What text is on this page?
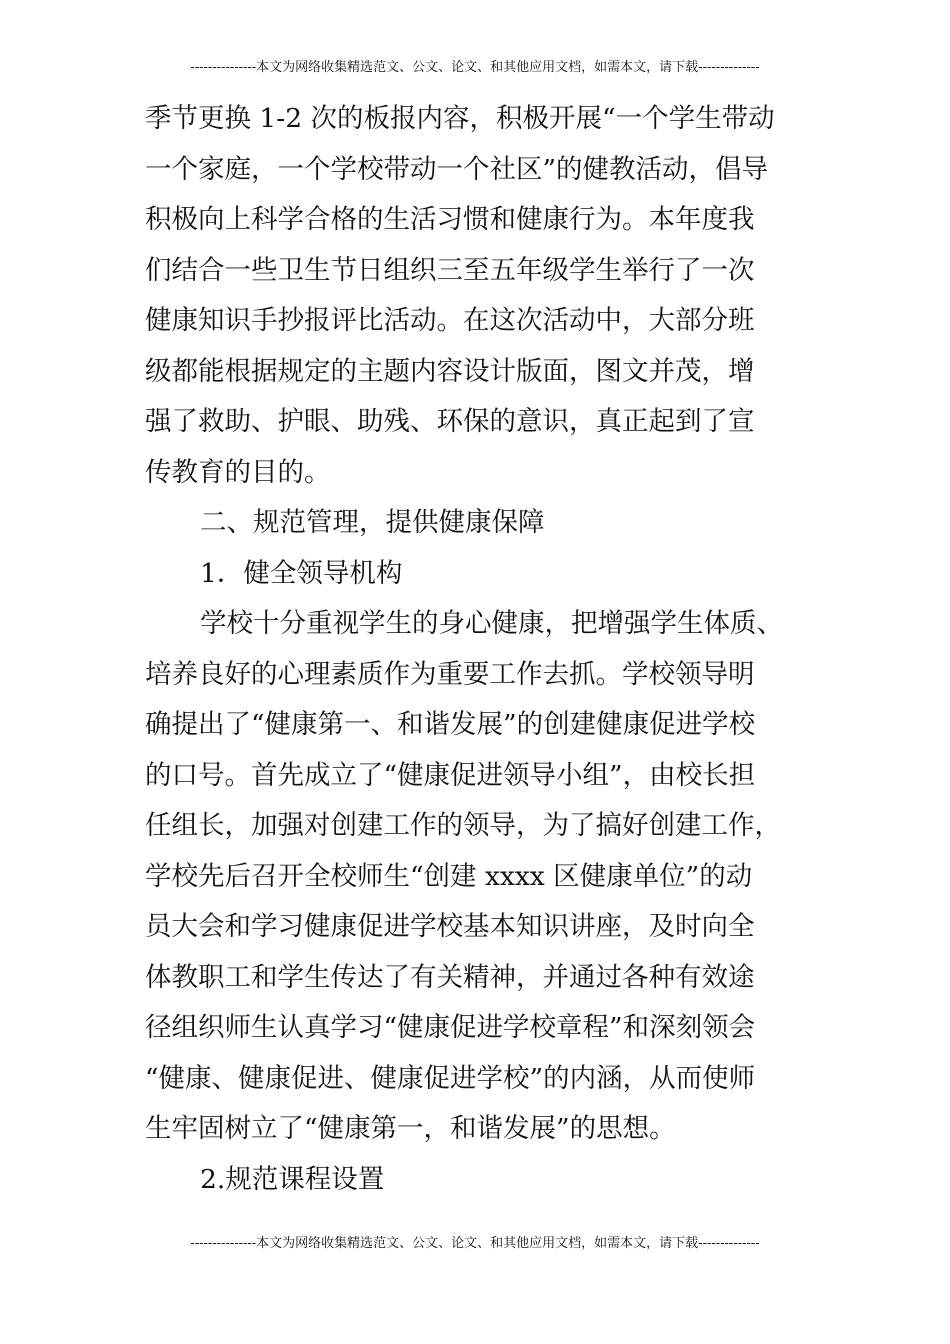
---------------本文为网络收集精选范文、公文、论文、和其他应用文档，如需本文，请下载--------------
季节更换 1-2 次的板报内容，积极开展“一个学生带动
一个家庭，一个学校带动一个社区”的健教活动，倡导
积极向上科学合格的生活习惯和健康行为。本年度我
们结合一些卫生节日组织三至五年级学生举行了一次
健康知识手抄报评比活动。在这次活动中，大部分班
级都能根据规定的主题内容设计版面，图文并茂，增
强了救助、护眼、助残、环保的意识，真正起到了宣
传教育的目的。
二、规范管理，提供健康保障
1．健全领导机构
学校十分重视学生的身心健康，把增强学生体质、
培养良好的心理素质作为重要工作去抓。学校领导明
确提出了“健康第一、和谐发展”的创建健康促进学校
的口号。首先成立了“健康促进领导小组”，由校长担
任组长，加强对创建工作的领导，为了搞好创建工作，
学校先后召开全校师生“创建 xxxx 区健康单位”的动
员大会和学习健康促进学校基本知识讲座，及时向全
体教职工和学生传达了有关精神，并通过各种有效途
径组织师生认真学习“健康促进学校章程”和深刻领会
“健康、健康促进、健康促进学校”的内涵，从而使师
生牢固树立了“健康第一，和谐发展”的思想。
2.规范课程设置
---------------本文为网络收集精选范文、公文、论文、和其他应用文档，如需本文，请下载--------------
